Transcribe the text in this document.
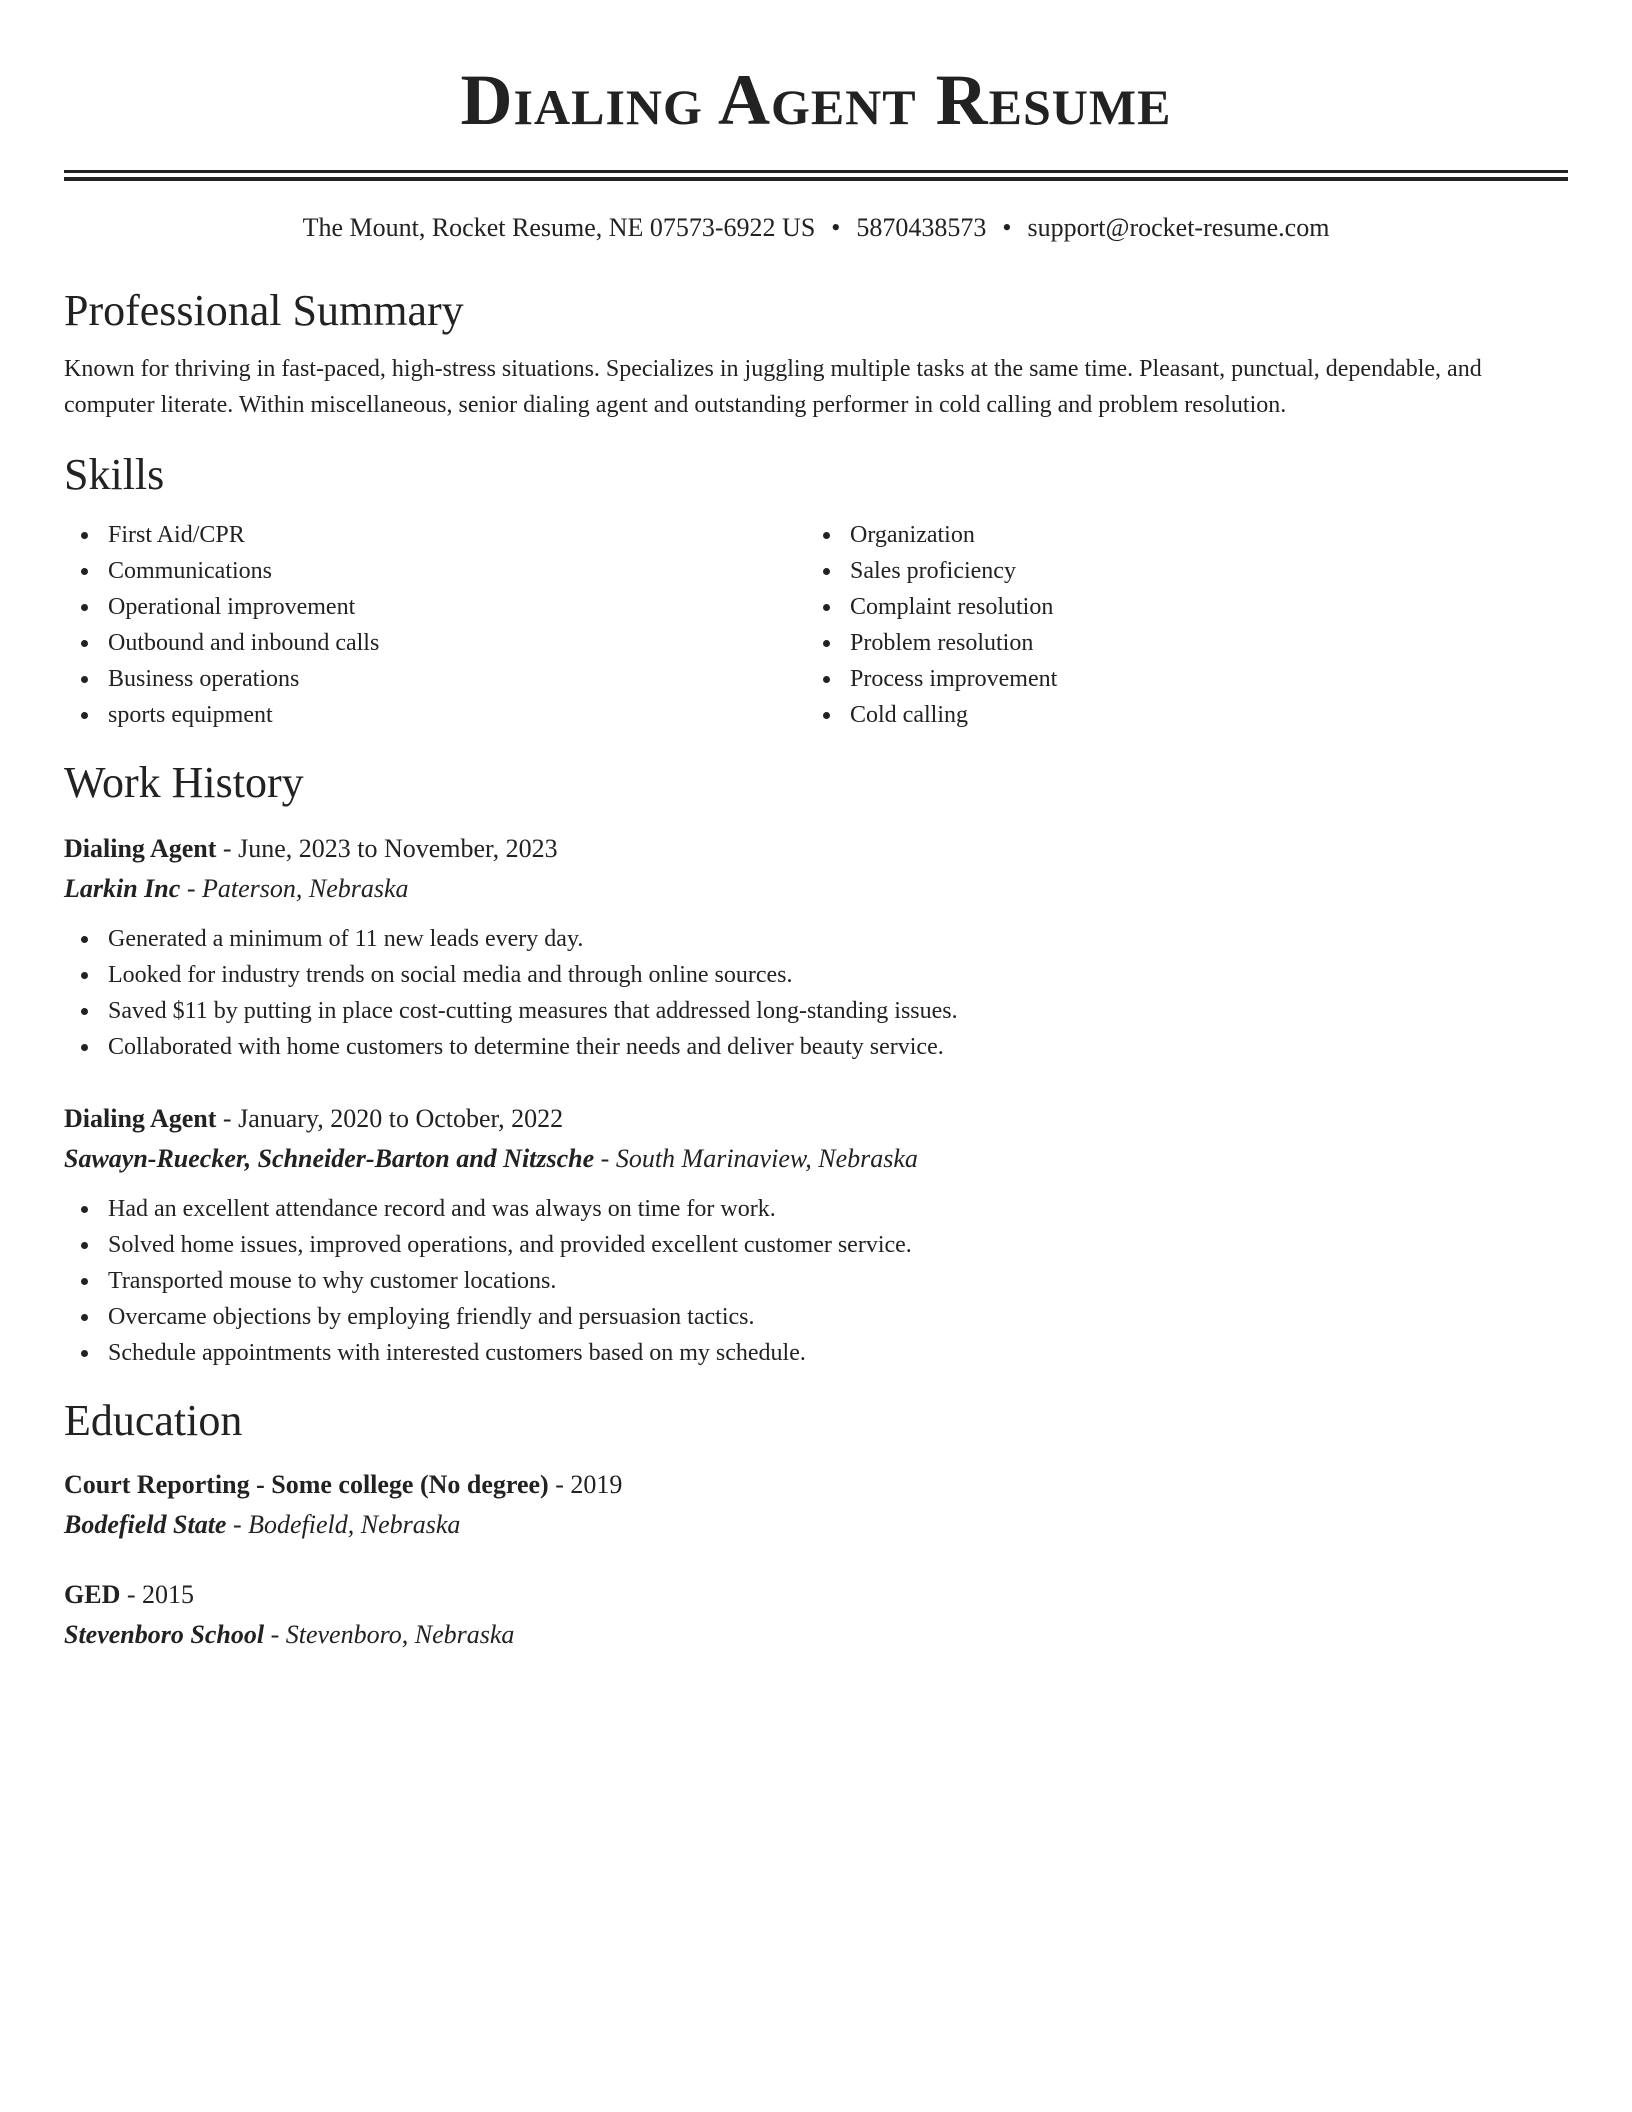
Dialing Agent Resume
The Mount, Rocket Resume, NE 07573-6922 US • 5870438573 • support@rocket-resume.com
Professional Summary
Known for thriving in fast-paced, high-stress situations. Specializes in juggling multiple tasks at the same time. Pleasant, punctual, dependable, and computer literate. Within miscellaneous, senior dialing agent and outstanding performer in cold calling and problem resolution.
Skills
First Aid/CPR
Communications
Operational improvement
Outbound and inbound calls
Business operations
sports equipment
Organization
Sales proficiency
Complaint resolution
Problem resolution
Process improvement
Cold calling
Work History
Dialing Agent - June, 2023 to November, 2023
Larkin Inc - Paterson, Nebraska
Generated a minimum of 11 new leads every day.
Looked for industry trends on social media and through online sources.
Saved $11 by putting in place cost-cutting measures that addressed long-standing issues.
Collaborated with home customers to determine their needs and deliver beauty service.
Dialing Agent - January, 2020 to October, 2022
Sawayn-Ruecker, Schneider-Barton and Nitzsche - South Marinaview, Nebraska
Had an excellent attendance record and was always on time for work.
Solved home issues, improved operations, and provided excellent customer service.
Transported mouse to why customer locations.
Overcame objections by employing friendly and persuasion tactics.
Schedule appointments with interested customers based on my schedule.
Education
Court Reporting - Some college (No degree) - 2019
Bodefield State - Bodefield, Nebraska
GED - 2015
Stevenboro School - Stevenboro, Nebraska
